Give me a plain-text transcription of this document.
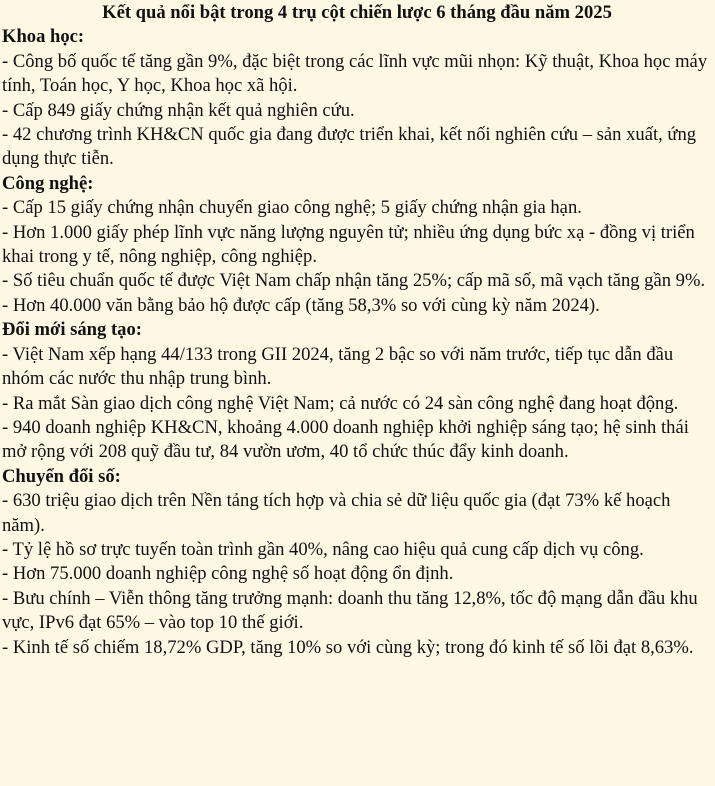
Kết quả nổi bật trong 4 trụ cột chiến lược 6 tháng đầu năm 2025

Khoa học:

- Công bố quốc tế tăng gần 9%, đặc biệt trong các lĩnh vực mũi nhọn: Kỹ thuật, Khoa học máy tính, Toán học, Y học, Khoa học xã hội.

- Cấp 849 giấy chứng nhận kết quả nghiên cứu.

- 42 chương trình KH&CN quốc gia đang được triển khai, kết nối nghiên cứu – sản xuất, ứng dụng thực tiễn.

Công nghệ:

- Cấp 15 giấy chứng nhận chuyển giao công nghệ; 5 giấy chứng nhận gia hạn.

- Hơn 1.000 giấy phép lĩnh vực năng lượng nguyên tử; nhiều ứng dụng bức xạ - đồng vị triển khai trong y tế, nông nghiệp, công nghiệp.

- Số tiêu chuẩn quốc tế được Việt Nam chấp nhận tăng 25%; cấp mã số, mã vạch tăng gần 9%.

- Hơn 40.000 văn bằng bảo hộ được cấp (tăng 58,3% so với cùng kỳ năm 2024).

Đổi mới sáng tạo:

- Việt Nam xếp hạng 44/133 trong GII 2024, tăng 2 bậc so với năm trước, tiếp tục dẫn đầu nhóm các nước thu nhập trung bình.

- Ra mắt Sàn giao dịch công nghệ Việt Nam; cả nước có 24 sàn công nghệ đang hoạt động.

- 940 doanh nghiệp KH&CN, khoảng 4.000 doanh nghiệp khởi nghiệp sáng tạo; hệ sinh thái mở rộng với 208 quỹ đầu tư, 84 vườn ươm, 40 tổ chức thúc đẩy kinh doanh.

Chuyển đổi số:

- 630 triệu giao dịch trên Nền tảng tích hợp và chia sẻ dữ liệu quốc gia (đạt 73% kế hoạch năm).

- Tỷ lệ hồ sơ trực tuyến toàn trình gần 40%, nâng cao hiệu quả cung cấp dịch vụ công.

- Hơn 75.000 doanh nghiệp công nghệ số hoạt động ổn định.

- Bưu chính – Viễn thông tăng trưởng mạnh: doanh thu tăng 12,8%, tốc độ mạng dẫn đầu khu vực, IPv6 đạt 65% – vào top 10 thế giới.

- Kinh tế số chiếm 18,72% GDP, tăng 10% so với cùng kỳ; trong đó kinh tế số lõi đạt 8,63%.
